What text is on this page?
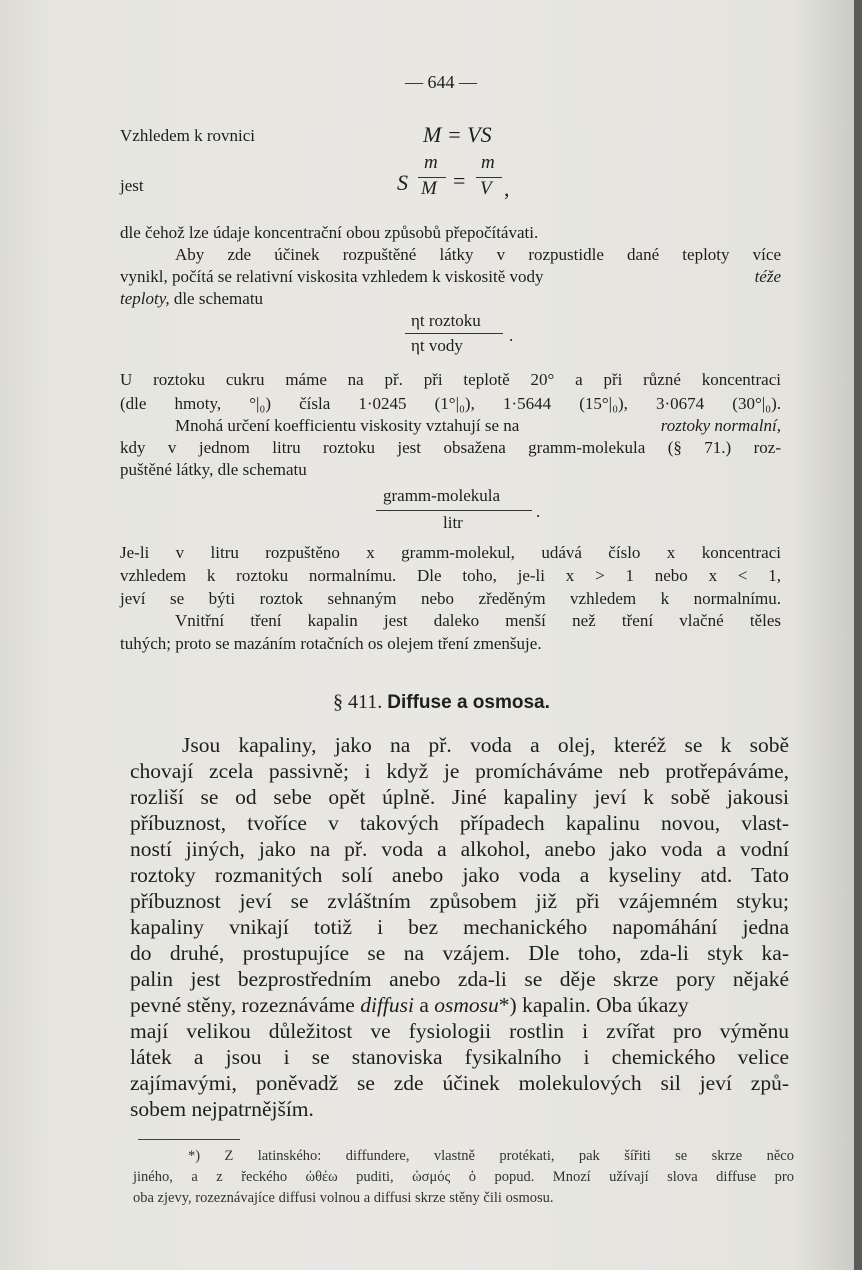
— 644 —
Vzhledem k rovnici	M = VS
jest	S
m
M =
m
V ,
dle čehož lze údaje koncentrační obou způsobů přepočítávati.
Aby zde účinek rozpuštěné látky v rozpustidle dané teploty více
vynikl, počítá se relativní viskosita vzhledem k viskositě vody	téže
teploty, dle schematu
ηt roztoku
ηt vody
.
U roztoku cukru máme na př. při teplotě 20° a při různé koncentraci
(dle hmoty, °|₀) čísla 1·0245 (1°|₀), 1·5644 (15°|₀), 3·0674 (30°|₀).
Mnohá určení koefficientu viskosity vztahují se na	roztoky normalní,
kdy v jednom litru roztoku jest obsažena gramm-molekula (§ 71.) roz-
puštěné látky, dle schematu
gramm-molekula
litr
.
Je-li v litru rozpuštěno x gramm-molekul, udává číslo x koncentraci
vzhledem k roztoku normalnímu. Dle toho, je-li x > 1 nebo x < 1,
jeví se býti roztok sehnaným nebo zředěným vzhledem k normalnímu.
Vnitřní tření kapalin jest daleko menší než tření vlačné těles
tuhých; proto se mazáním rotačních os olejem tření zmenšuje.
§ 411. Diffuse a osmosa.
Jsou kapaliny, jako na př. voda a olej, kteréž se k sobě
chovají zcela passivně; i když je promícháváme neb protřepáváme,
rozliší se od sebe opět úplně. Jiné kapaliny jeví k sobě jakousi
příbuznost, tvoříce v takových případech kapalinu novou, vlast-
ností jiných, jako na př. voda a alkohol, anebo jako voda a vodní
roztoky rozmanitých solí anebo jako voda a kyseliny atd. Tato
příbuznost jeví se zvláštním způsobem již při vzájemném styku;
kapaliny vnikají totiž i bez mechanického napomáhání jedna
do druhé, prostupujíce se na vzájem. Dle toho, zda-li styk ka-
palin jest bezprostředním anebo zda-li se děje skrze pory nějaké
pevné stěny, rozeznáváme diffusi a osmosu*) kapalin. Oba úkazy
mají velikou důležitost ve fysiologii rostlin i zvířat pro výměnu
látek a jsou i se stanoviska fysikalního i chemického velice
zajímavými, poněvadž se zde účinek molekulových sil jeví způ-
sobem nejpatrnějším.
*) Z latinského: diffundere, vlastně protékati, pak šířiti se skrze něco
jiného, a z řeckého ὠθέω puditi, ὠσμός ὁ popud. Mnozí užívají slova diffuse pro
oba zjevy, rozeznávajíce diffusi volnou a diffusi skrze stěny čili osmosu.
